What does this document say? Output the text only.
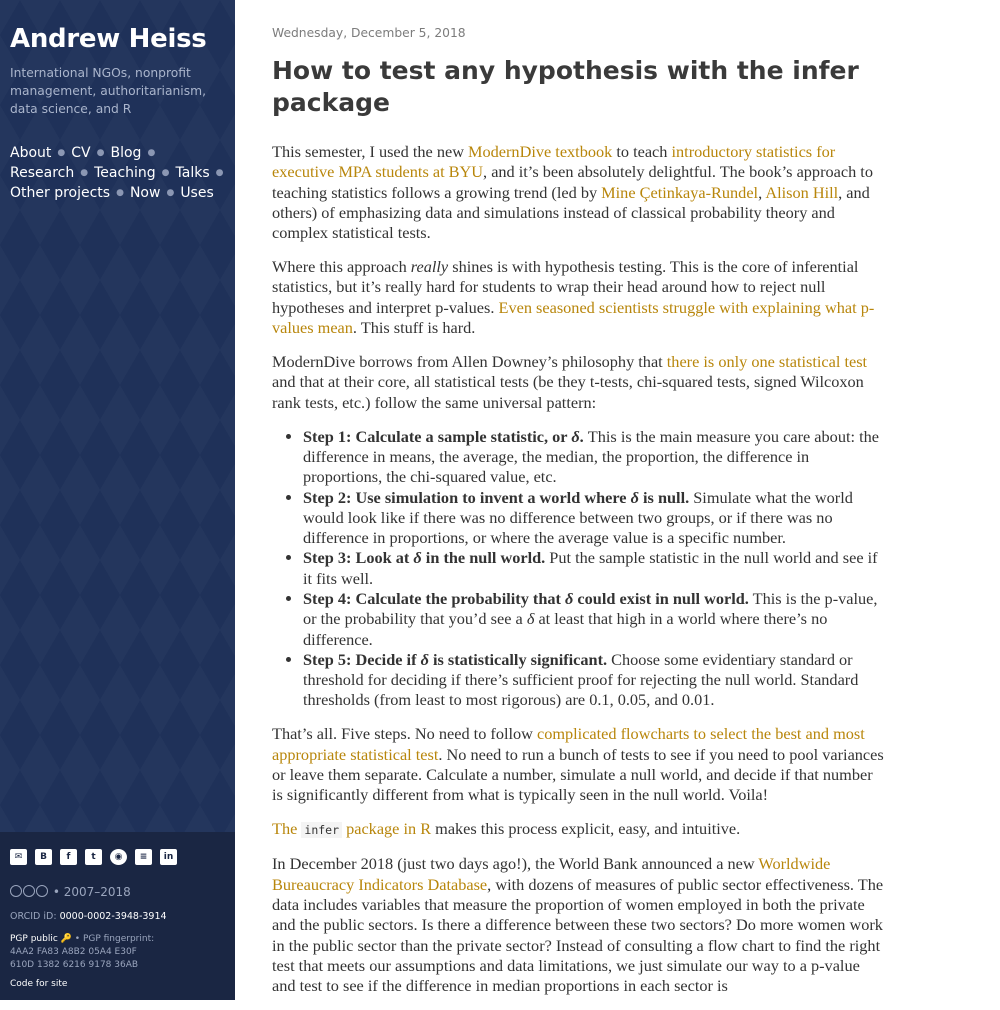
Andrew Heiss
International NGOs, nonprofit management, authoritarianism, data science, and R
About ● CV ● Blog ●
Research ● Teaching ● Talks ●
Other projects ● Now ● Uses
✉	B	f	t	◉	≡	in
• 2007–2018
ORCID iD: 0000-0002-3948-3914
PGP public 🔑 • PGP fingerprint:
4AA2 FA83 A8B2 05A4 E30F
610D 1382 6216 9178 36AB
Code for site
Wednesday, December 5, 2018
How to test any hypothesis with the infer package

This semester, I used the new ModernDive textbook to teach introductory statistics for executive MPA students at BYU, and it’s been absolutely delightful. The book’s approach to teaching statistics follows a growing trend (led by Mine Çetinkaya-Rundel, Alison Hill, and others) of emphasizing data and simulations instead of classical probability theory and complex statistical tests.

Where this approach really shines is with hypothesis testing. This is the core of inferential statistics, but it’s really hard for students to wrap their head around how to reject null hypotheses and interpret p-values. Even seasoned scientists struggle with explaining what p-values mean. This stuff is hard.

ModernDive borrows from Allen Downey’s philosophy that there is only one statistical test and that at their core, all statistical tests (be they t-tests, chi-squared tests, signed Wilcoxon rank tests, etc.) follow the same universal pattern:

• Step 1: Calculate a sample statistic, or δ. This is the main measure you care about: the difference in means, the average, the median, the proportion, the difference in proportions, the chi-squared value, etc.
• Step 2: Use simulation to invent a world where δ is null. Simulate what the world would look like if there was no difference between two groups, or if there was no difference in proportions, or where the average value is a specific number.
• Step 3: Look at δ in the null world. Put the sample statistic in the null world and see if it fits well.
• Step 4: Calculate the probability that δ could exist in null world. This is the p-value, or the probability that you’d see a δ at least that high in a world where there’s no difference.
• Step 5: Decide if δ is statistically significant. Choose some evidentiary standard or threshold for deciding if there’s sufficient proof for rejecting the null world. Standard thresholds (from least to most rigorous) are 0.1, 0.05, and 0.01.

That’s all. Five steps. No need to follow complicated flowcharts to select the best and most appropriate statistical test. No need to run a bunch of tests to see if you need to pool variances or leave them separate. Calculate a number, simulate a null world, and decide if that number is significantly different from what is typically seen in the null world. Voila!

The infer package in R makes this process explicit, easy, and intuitive.

In December 2018 (just two days ago!), the World Bank announced a new Worldwide Bureaucracy Indicators Database, with dozens of measures of public sector effectiveness. The data includes variables that measure the proportion of women employed in both the private and the public sectors. Is there a difference between these two sectors? Do more women work in the public sector than the private sector? Instead of consulting a flow chart to find the right test that meets our assumptions and data limitations, we just simulate our way to a p-value and test to see if the difference in median proportions in each sector is
